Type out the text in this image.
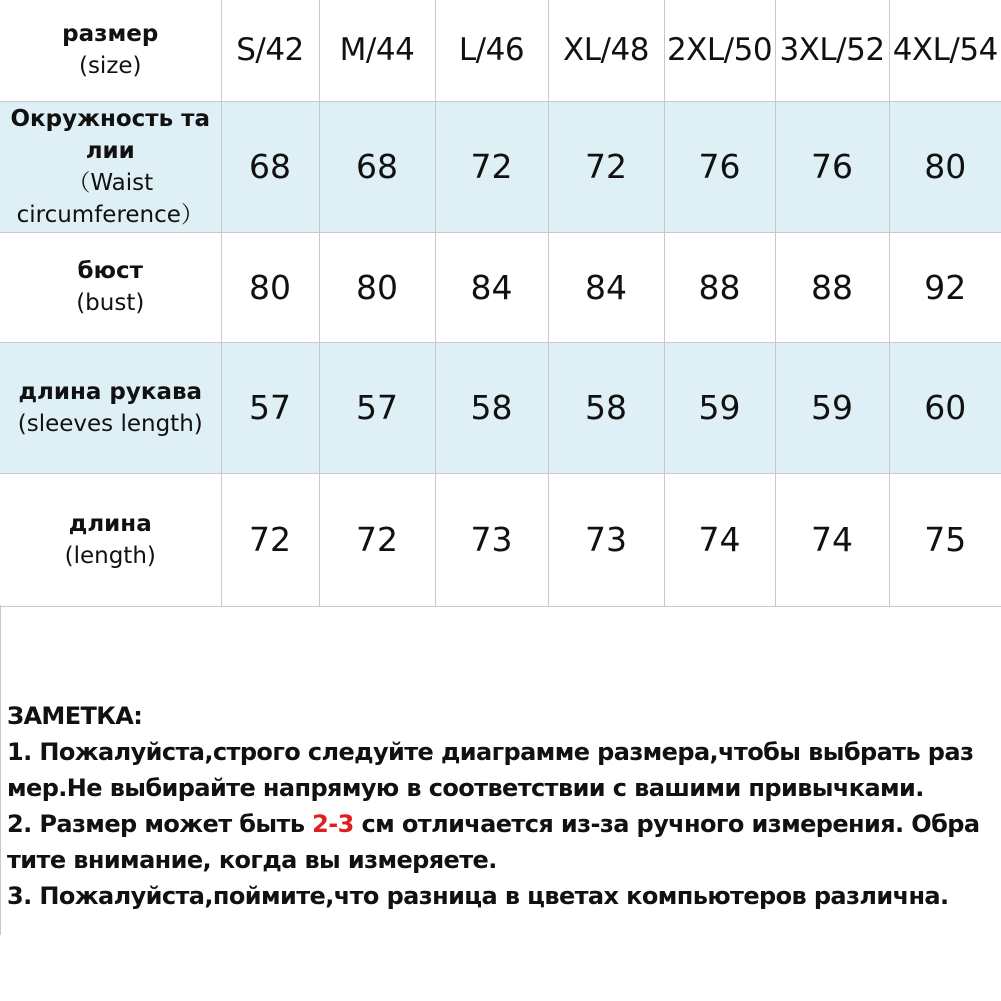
размер
(size)	S/42	M/44	L/46	XL/48	2XL/50	3XL/52	4XL/54

Окружность та
лии
（Waist
circumference）	68	68	72	72	76	76	80

бюст
(bust)	80	80	84	84	88	88	92

длина рукава
(sleeves length)	57	57	58	58	59	59	60

длина
(length)	72	72	73	73	74	74	75
ЗАМЕТКА:
1. Пожалуйста,строго следуйте диаграмме размера,чтобы выбрать раз
мер.Не выбирайте напрямую в соответствии с вашими привычками.
2. Размер может быть 2-3 см отличается из-за ручного измерения. Обра
тите внимание, когда вы измеряете.
3. Пожалуйста,поймите,что разница в цветах компьютеров различна.
